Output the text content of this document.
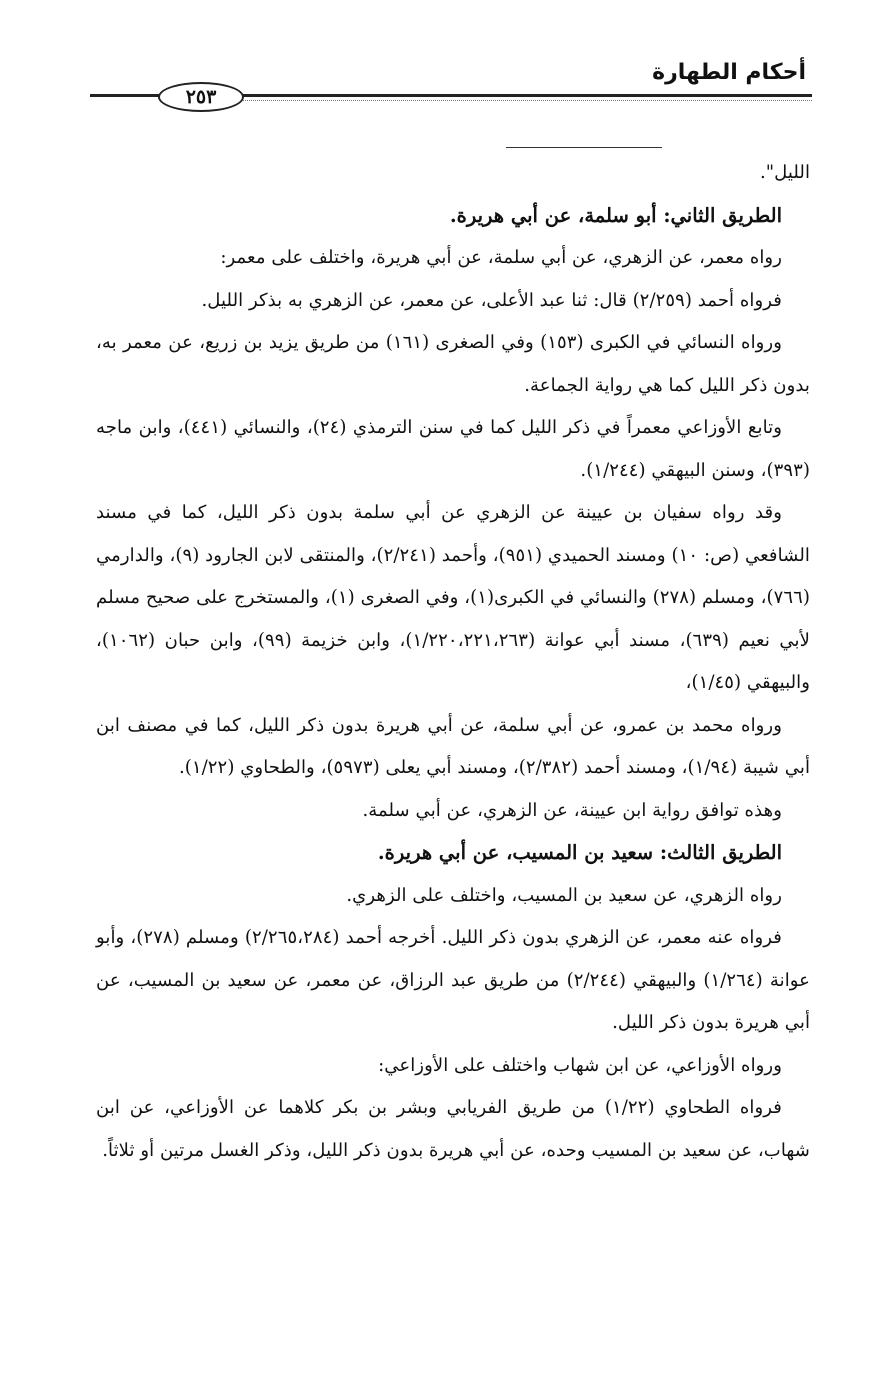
أحكام الطهارة
٢٥٣

الليل".

الطريق الثاني: أبو سلمة، عن أبي هريرة.

رواه معمر، عن الزهري، عن أبي سلمة، عن أبي هريرة، واختلف على معمر:

فرواه أحمد (٢/٢٥٩) قال: ثنا عبد الأعلى، عن معمر، عن الزهري به بذكر الليل.

ورواه النسائي في الكبرى (١٥٣) وفي الصغرى (١٦١) من طريق يزيد بن زريع، عن معمر به، بدون ذكر الليل كما هي رواية الجماعة.

وتابع الأوزاعي معمراً في ذكر الليل كما في سنن الترمذي (٢٤)، والنسائي (٤٤١)، وابن ماجه (٣٩٣)، وسنن البيهقي (١/٢٤٤).

وقد رواه سفيان بن عيينة عن الزهري عن أبي سلمة بدون ذكر الليل، كما في مسند الشافعي (ص: ١٠) ومسند الحميدي (٩٥١)، وأحمد (٢/٢٤١)، والمنتقى لابن الجارود (٩)، والدارمي (٧٦٦)، ومسلم (٢٧٨) والنسائي في الكبرى(١)، وفي الصغرى (١)، والمستخرج على صحيح مسلم لأبي نعيم (٦٣٩)، مسند أبي عوانة (١/٢٢٠،٢٢١،٢٦٣)، وابن خزيمة (٩٩)، وابن حبان (١٠٦٢)، والبيهقي (١/٤٥)،

ورواه محمد بن عمرو، عن أبي سلمة، عن أبي هريرة بدون ذكر الليل، كما في مصنف ابن أبي شيبة (١/٩٤)، ومسند أحمد (٢/٣٨٢)، ومسند أبي يعلى (٥٩٧٣)، والطحاوي (١/٢٢).

وهذه توافق رواية ابن عيينة، عن الزهري، عن أبي سلمة.

الطريق الثالث: سعيد بن المسيب، عن أبي هريرة.

رواه الزهري، عن سعيد بن المسيب، واختلف على الزهري.

فرواه عنه معمر، عن الزهري بدون ذكر الليل. أخرجه أحمد (٢/٢٦٥،٢٨٤) ومسلم (٢٧٨)، وأبو عوانة (١/٢٦٤) والبيهقي (٢/٢٤٤) من طريق عبد الرزاق، عن معمر، عن سعيد بن المسيب، عن أبي هريرة بدون ذكر الليل.

ورواه الأوزاعي، عن ابن شهاب واختلف على الأوزاعي:

فرواه الطحاوي (١/٢٢) من طريق الفريابي وبشر بن بكر كلاهما عن الأوزاعي، عن ابن شهاب، عن سعيد بن المسيب وحده، عن أبي هريرة بدون ذكر الليل، وذكر الغسل مرتين أو ثلاثاً.
